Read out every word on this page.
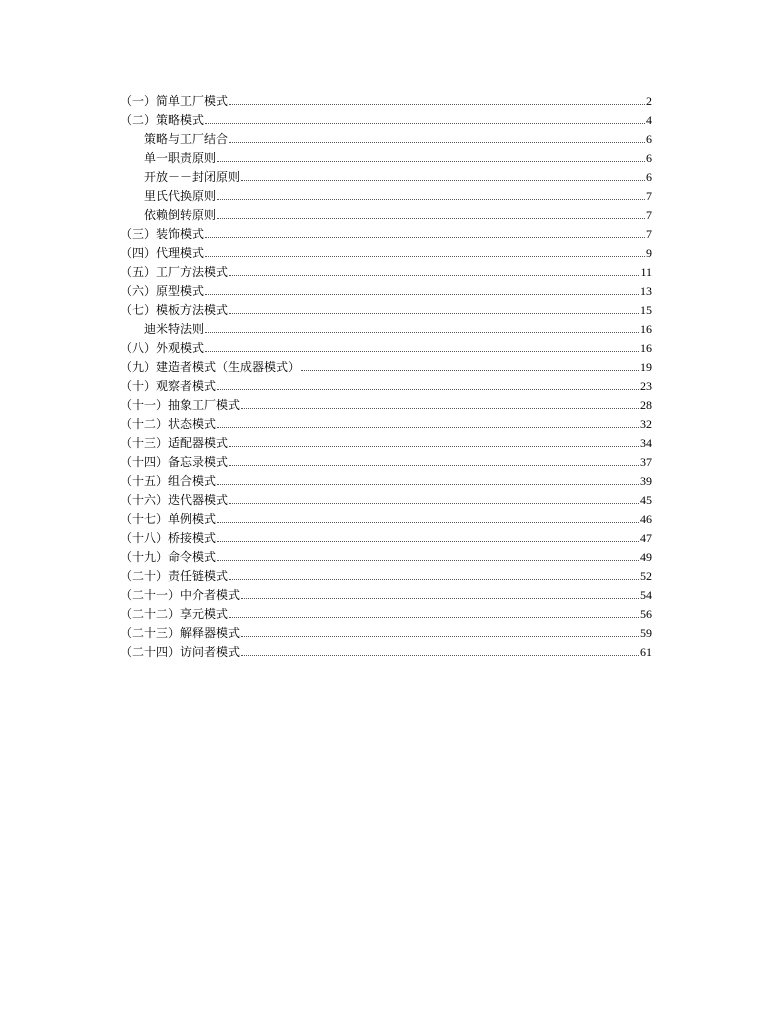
（一）简单工厂模式	2
（二）策略模式	4
策略与工厂结合	6
单一职责原则	6
开放－－封闭原则	6
里氏代换原则	7
依赖倒转原则	7
（三）装饰模式	7
（四）代理模式	9
（五）工厂方法模式	11
（六）原型模式	13
（七）模板方法模式	15
迪米特法则	16
（八）外观模式	16
（九）建造者模式（生成器模式）	19
（十）观察者模式	23
（十一）抽象工厂模式	28
（十二）状态模式	32
（十三）适配器模式	34
（十四）备忘录模式	37
（十五）组合模式	39
（十六）迭代器模式	45
（十七）单例模式	46
（十八）桥接模式	47
（十九）命令模式	49
（二十）责任链模式	52
（二十一）中介者模式	54
（二十二）享元模式	56
（二十三）解释器模式	59
（二十四）访问者模式	61
